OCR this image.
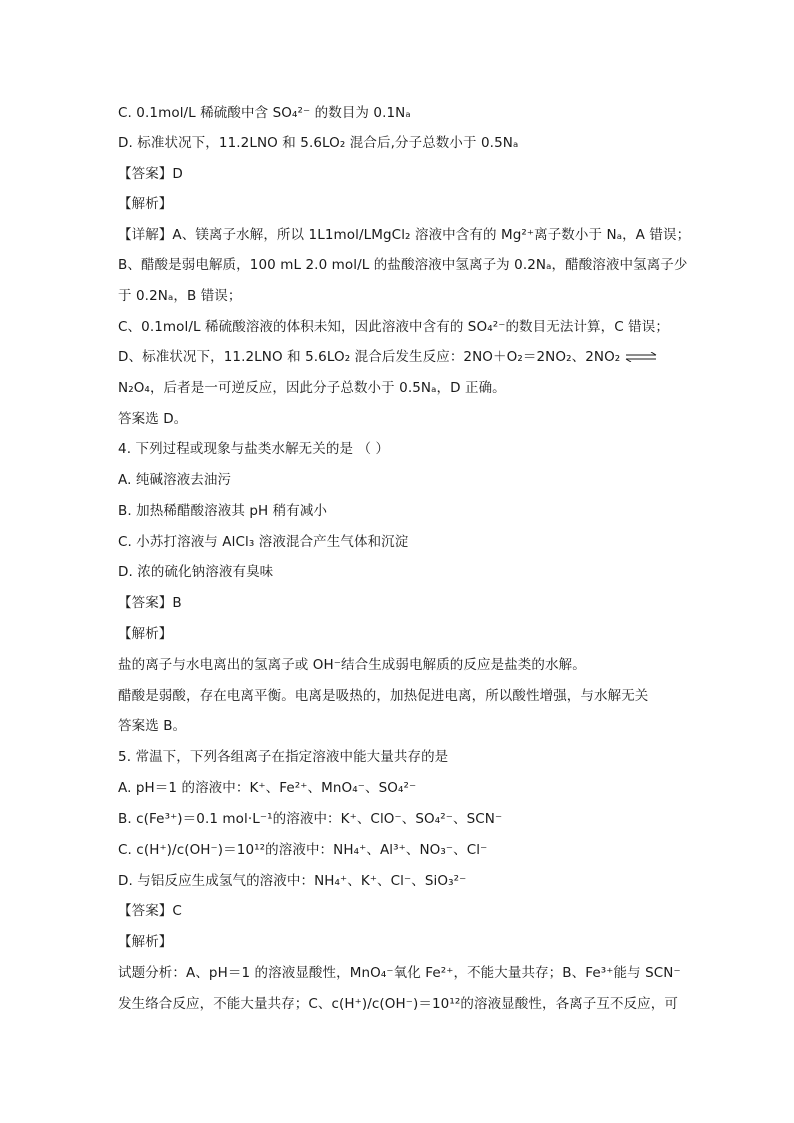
C. 0.1mol/L 稀硫酸中含 SO₄²⁻ 的数目为 0.1Nₐ
D. 标准状况下，11.2LNO 和 5.6LO₂ 混合后,分子总数小于 0.5Nₐ
【答案】D
【解析】
【详解】A、镁离子水解，所以 1L1mol/LMgCl₂ 溶液中含有的 Mg²⁺离子数小于 Nₐ，A 错误；
B、醋酸是弱电解质，100 mL 2.0 mol/L 的盐酸溶液中氢离子为 0.2Nₐ，醋酸溶液中氢离子少
于 0.2Nₐ，B 错误；
C、0.1mol/L 稀硫酸溶液的体积未知，因此溶液中含有的 SO₄²⁻的数目无法计算，C 错误；
D、标准状况下，11.2LNO 和 5.6LO₂ 混合后发生反应：2NO＋O₂＝2NO₂、2NO₂ ⇌
N₂O₄，后者是一可逆反应，因此分子总数小于 0.5Nₐ，D 正确。
答案选 D。
4. 下列过程或现象与盐类水解无关的是 （ ）
A. 纯碱溶液去油污
B. 加热稀醋酸溶液其 pH 稍有减小
C. 小苏打溶液与 AlCl₃ 溶液混合产生气体和沉淀
D. 浓的硫化钠溶液有臭味
【答案】B
【解析】
盐的离子与水电离出的氢离子或 OH⁻结合生成弱电解质的反应是盐类的水解。
醋酸是弱酸，存在电离平衡。电离是吸热的，加热促进电离，所以酸性增强，与水解无关
答案选 B。
5. 常温下，下列各组离子在指定溶液中能大量共存的是
A. pH＝1 的溶液中：K⁺、Fe²⁺、MnO₄⁻、SO₄²⁻
B. c(Fe³⁺)＝0.1 mol·L⁻¹的溶液中：K⁺、ClO⁻、SO₄²⁻、SCN⁻
C. c(H⁺)/c(OH⁻)＝10¹²的溶液中：NH₄⁺、Al³⁺、NO₃⁻、Cl⁻
D. 与铝反应生成氢气的溶液中：NH₄⁺、K⁺、Cl⁻、SiO₃²⁻
【答案】C
【解析】
试题分析：A、pH＝1 的溶液显酸性，MnO₄⁻氧化 Fe²⁺，不能大量共存；B、Fe³⁺能与 SCN⁻
发生络合反应，不能大量共存；C、c(H⁺)/c(OH⁻)＝10¹²的溶液显酸性，各离子互不反应，可
